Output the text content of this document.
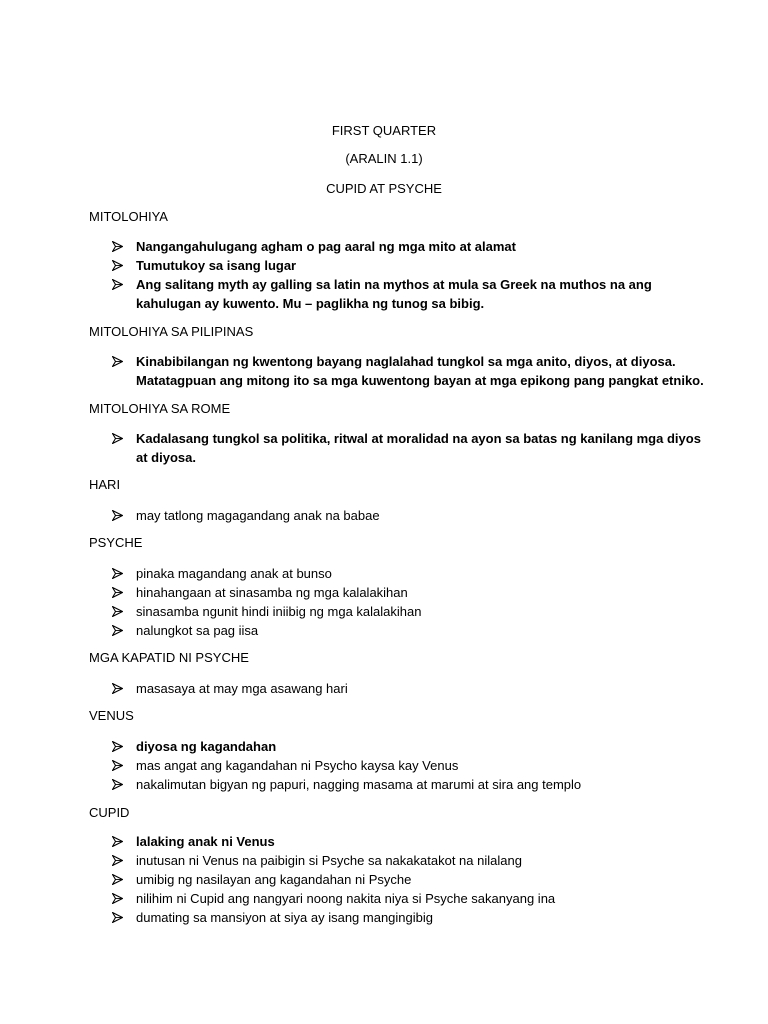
FIRST QUARTER
(ARALIN 1.1)
CUPID AT PSYCHE
MITOLOHIYA
Nangangahulugang agham o pag aaral ng mga mito at alamat
Tumutukoy sa isang lugar
Ang salitang myth ay galling sa latin na mythos at mula sa Greek na muthos na ang kahulugan ay kuwento. Mu – paglikha ng tunog sa bibig.
MITOLOHIYA SA PILIPINAS
Kinabibilangan ng kwentong bayang naglalahad tungkol sa mga anito, diyos, at diyosa. Matatagpuan ang mitong ito sa mga kuwentong bayan at mga epikong pang pangkat etniko.
MITOLOHIYA SA ROME
Kadalasang tungkol sa politika, ritwal at moralidad na ayon sa batas ng kanilang mga diyos at diyosa.
HARI
may tatlong magagandang anak na babae
PSYCHE
pinaka magandang anak at bunso
hinahangaan at sinasamba ng mga kalalakihan
sinasamba ngunit hindi iniibig ng mga kalalakihan
nalungkot sa pag iisa
MGA KAPATID NI PSYCHE
masasaya at may mga asawang hari
VENUS
diyosa ng kagandahan
mas angat ang kagandahan ni Psycho kaysa kay Venus
nakalimutan bigyan ng papuri, nagging masama at marumi at sira ang templo
CUPID
lalaking anak ni Venus
inutusan ni Venus na paibigin si Psyche sa nakakatakot na nilalang
umibig ng nasilayan ang kagandahan ni Psyche
nilihim ni Cupid ang nangyari noong nakita niya si Psyche sakanyang ina
dumating sa mansiyon at siya ay isang mangingibig
